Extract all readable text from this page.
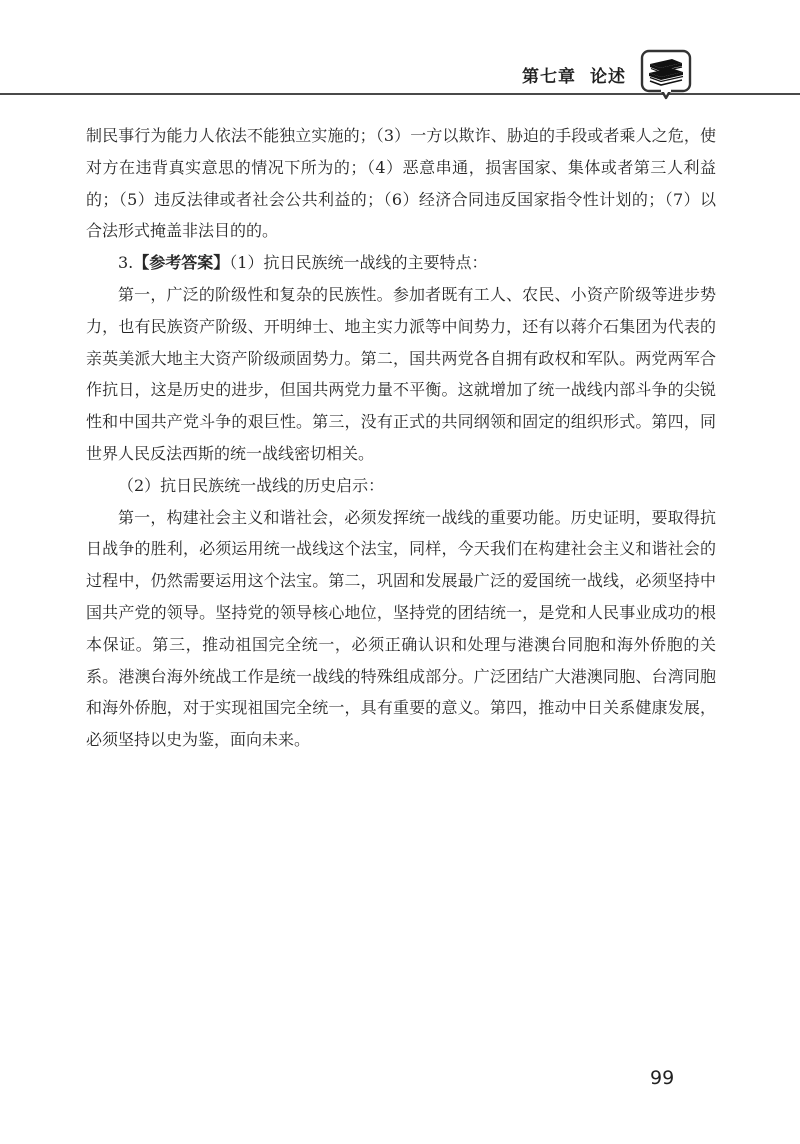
第七章 论述

制民事行为能力人依法不能独立实施的；（3）一方以欺诈、胁迫的手段或者乘人之危，使对方在违背真实意思的情况下所为的；（4）恶意串通，损害国家、集体或者第三人利益的；（5）违反法律或者社会公共利益的；（6）经济合同违反国家指令性计划的；（7）以合法形式掩盖非法目的的。

3.【参考答案】（1）抗日民族统一战线的主要特点：

第一，广泛的阶级性和复杂的民族性。参加者既有工人、农民、小资产阶级等进步势力，也有民族资产阶级、开明绅士、地主实力派等中间势力，还有以蒋介石集团为代表的亲英美派大地主大资产阶级顽固势力。第二，国共两党各自拥有政权和军队。两党两军合作抗日，这是历史的进步，但国共两党力量不平衡。这就增加了统一战线内部斗争的尖锐性和中国共产党斗争的艰巨性。第三，没有正式的共同纲领和固定的组织形式。第四，同世界人民反法西斯的统一战线密切相关。

（2）抗日民族统一战线的历史启示：

第一，构建社会主义和谐社会，必须发挥统一战线的重要功能。历史证明，要取得抗日战争的胜利，必须运用统一战线这个法宝，同样，今天我们在构建社会主义和谐社会的过程中，仍然需要运用这个法宝。第二，巩固和发展最广泛的爱国统一战线，必须坚持中国共产党的领导。坚持党的领导核心地位，坚持党的团结统一，是党和人民事业成功的根本保证。第三，推动祖国完全统一，必须正确认识和处理与港澳台同胞和海外侨胞的关系。港澳台海外统战工作是统一战线的特殊组成部分。广泛团结广大港澳同胞、台湾同胞和海外侨胞，对于实现祖国完全统一，具有重要的意义。第四，推动中日关系健康发展，必须坚持以史为鉴，面向未来。

99
